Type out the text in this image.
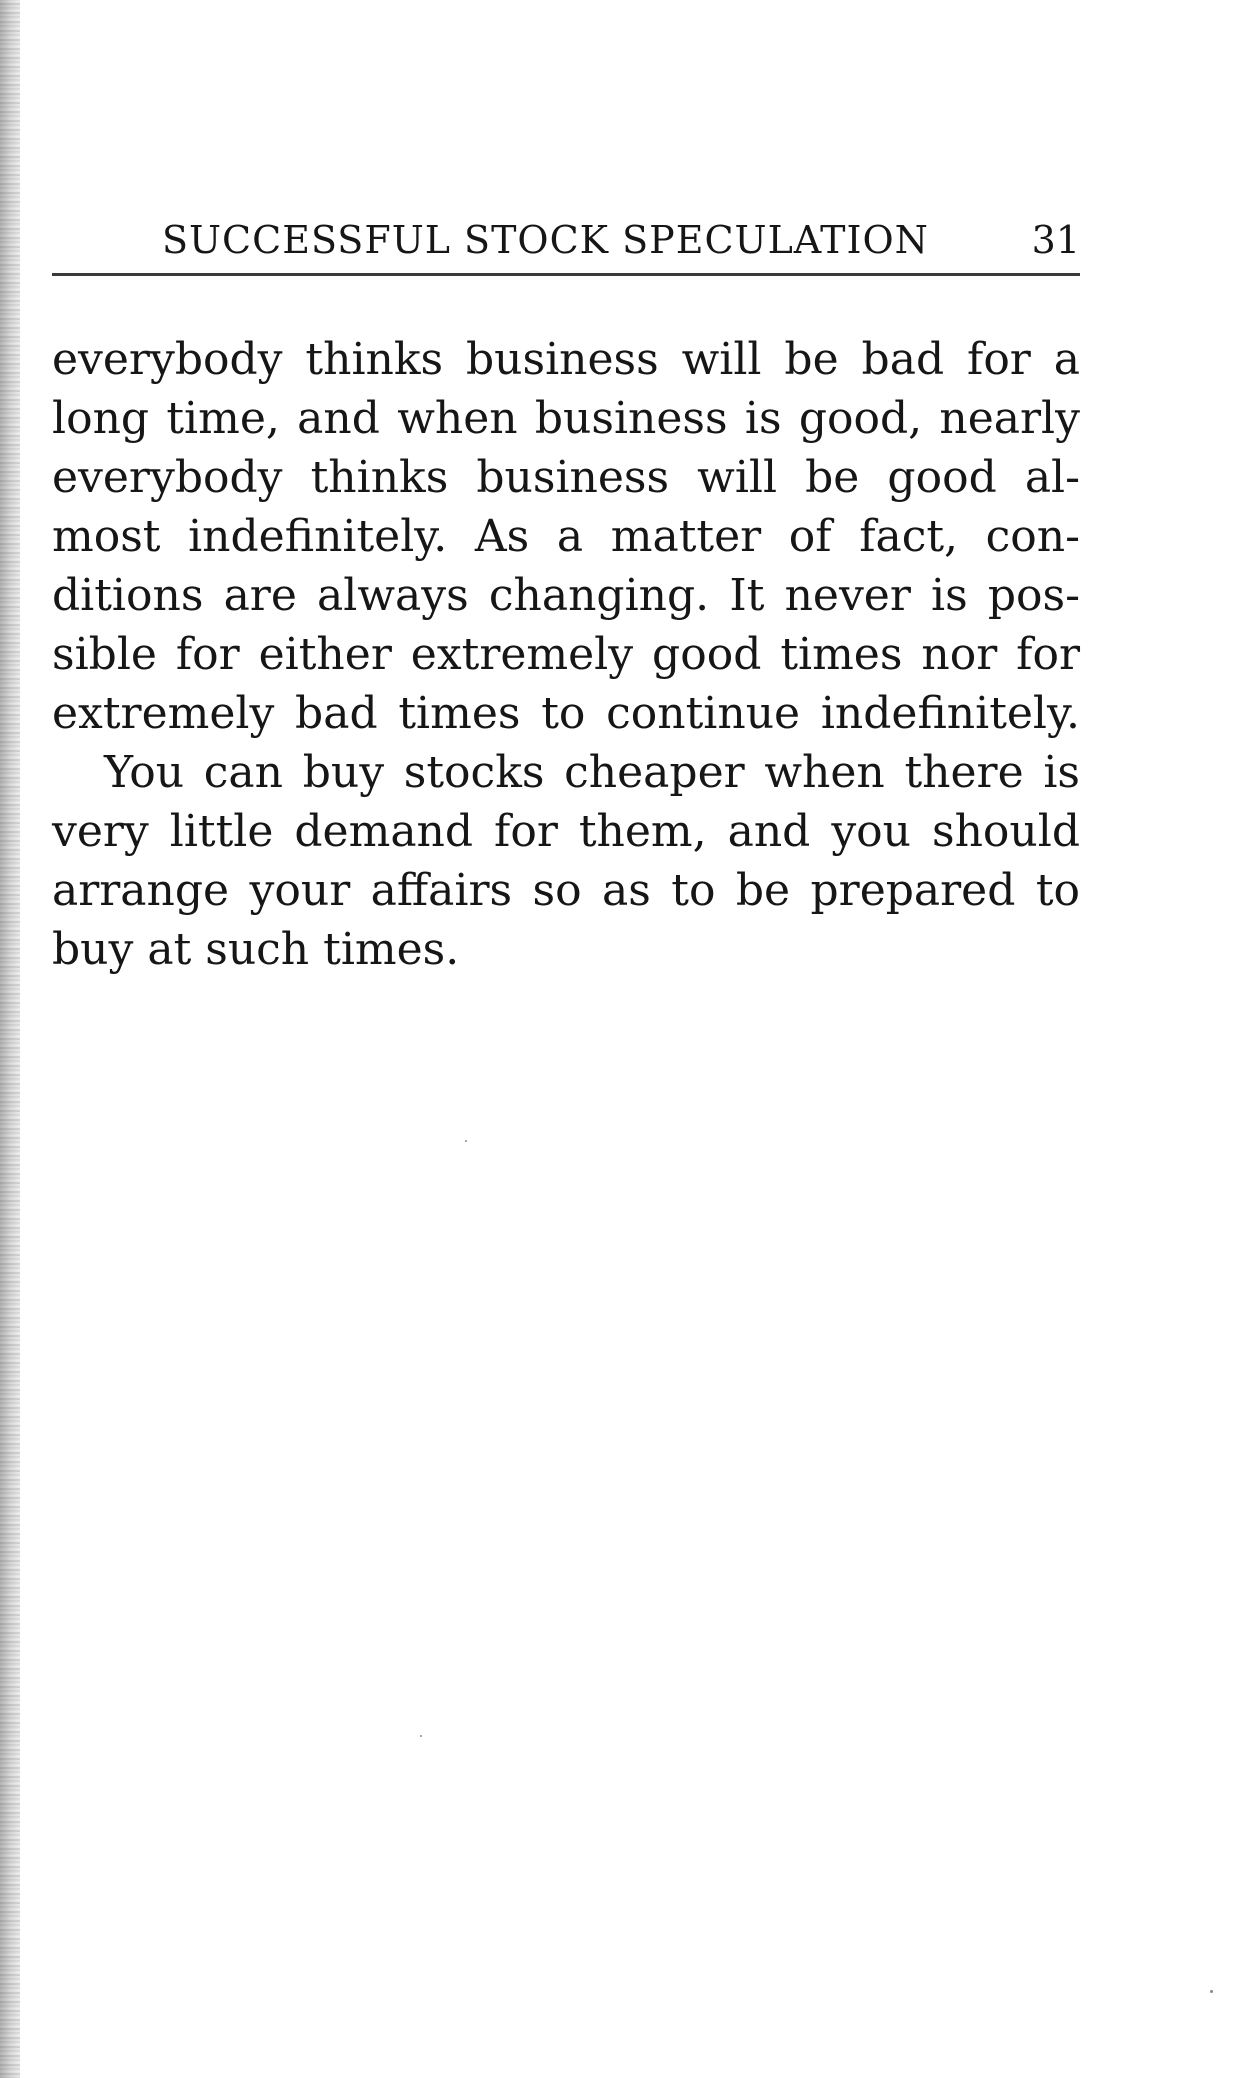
SUCCESSFUL STOCK SPECULATION	31
everybody thinks business will be bad for a
long time, and when business is good, nearly
everybody thinks business will be good al-
most indefinitely. As a matter of fact, con-
ditions are always changing. It never is pos-
sible for either extremely good times nor for
extremely bad times to continue indefinitely.
You can buy stocks cheaper when there is
very little demand for them, and you should
arrange your affairs so as to be prepared to
buy at such times.
